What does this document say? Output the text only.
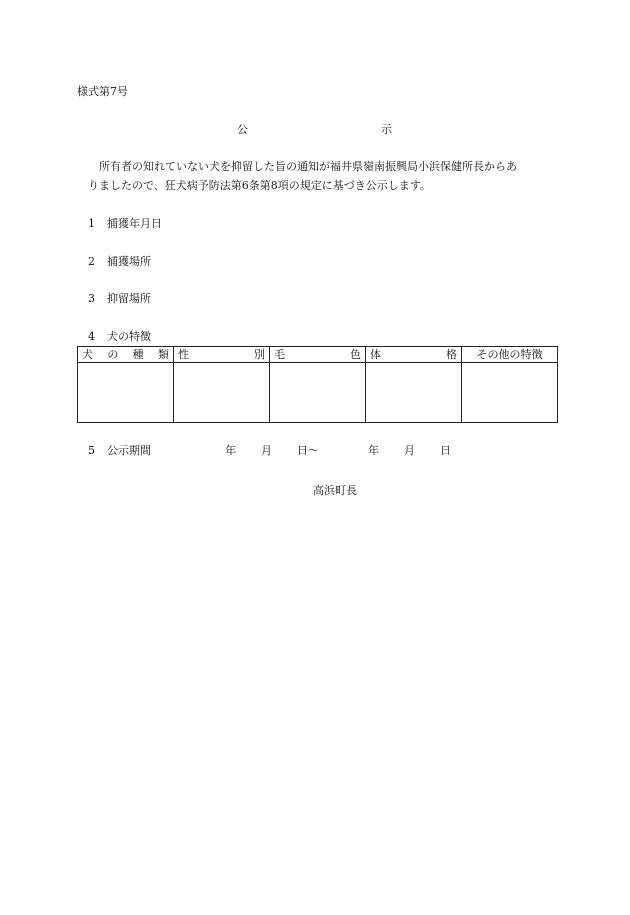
様式第7号
公	示
所有者の知れていない犬を抑留した旨の通知が福井県嶺南振興局小浜保健所長からあ
りましたので、狂犬病予防法第6条第8項の規定に基づき公示します。
1 捕獲年月日
2 捕獲場所
3 抑留場所
4 犬の特徴
犬 の 種 類	性 別	毛 色	体 格	その他の特徴

5 公示期間	年 月 日～	年 月 日
高浜町長
